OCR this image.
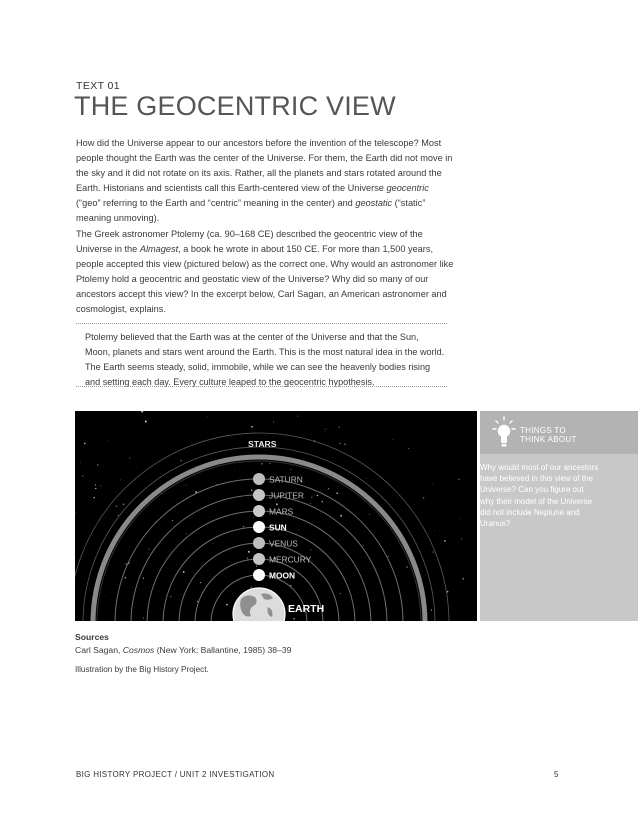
TEXT 01
THE GEOCENTRIC VIEW
How did the Universe appear to our ancestors before the invention of the telescope? Most people thought the Earth was the center of the Universe. For them, the Earth did not move in the sky and it did not rotate on its axis. Rather, all the planets and stars rotated around the Earth. Historians and scientists call this Earth-centered view of the Universe geocentric (“geo” referring to the Earth and “centric” meaning in the center) and geostatic (“static” meaning unmoving).
The Greek astronomer Ptolemy (ca. 90–168 CE) described the geocentric view of the Universe in the Almagest, a book he wrote in about 150 CE. For more than 1,500 years, people accepted this view (pictured below) as the correct one. Why would an astronomer like Ptolemy hold a geocentric and geostatic view of the Universe? Why did so many of our ancestors accept this view? In the excerpt below, Carl Sagan, an American astronomer and cosmologist, explains.
Ptolemy believed that the Earth was at the center of the Universe and that the Sun, Moon, planets and stars went around the Earth. This is the most natural idea in the world. The Earth seems steady, solid, immobile, while we can see the heavenly bodies rising and setting each day. Every culture leaped to the geocentric hypothesis.
STARS
SATURN
JUPITER
MARS
SUN
VENUS
MERCURY
MOON
EARTH
THINGS TO
THINK ABOUT
Why would most of our ancestors have believed in this view of the Universe? Can you figure out why their model of the Universe did not include Neptune and Uranus?
Sources
Carl Sagan, Cosmos (New York: Ballantine, 1985) 38–39
Illustration by the Big History Project.
BIG HISTORY PROJECT / UNIT 2 INVESTIGATION	5
